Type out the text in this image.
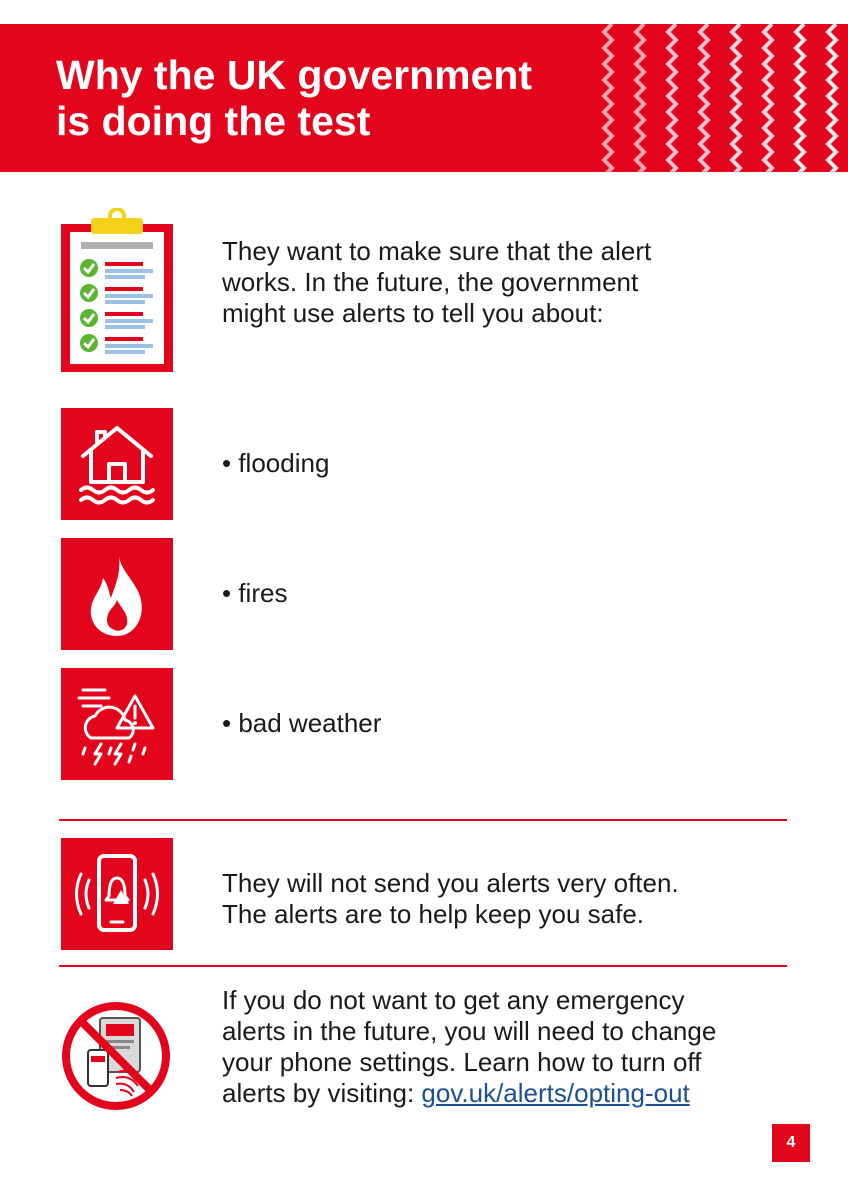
Why the UK government
is doing the test

They want to make sure that the alert
works. In the future, the government
might use alerts to tell you about:

• flooding
• fires
• bad weather

They will not send you alerts very often.
The alerts are to help keep you safe.

If you do not want to get any emergency
alerts in the future, you will need to change
your phone settings. Learn how to turn off
alerts by visiting: gov.uk/alerts/opting-out

4
